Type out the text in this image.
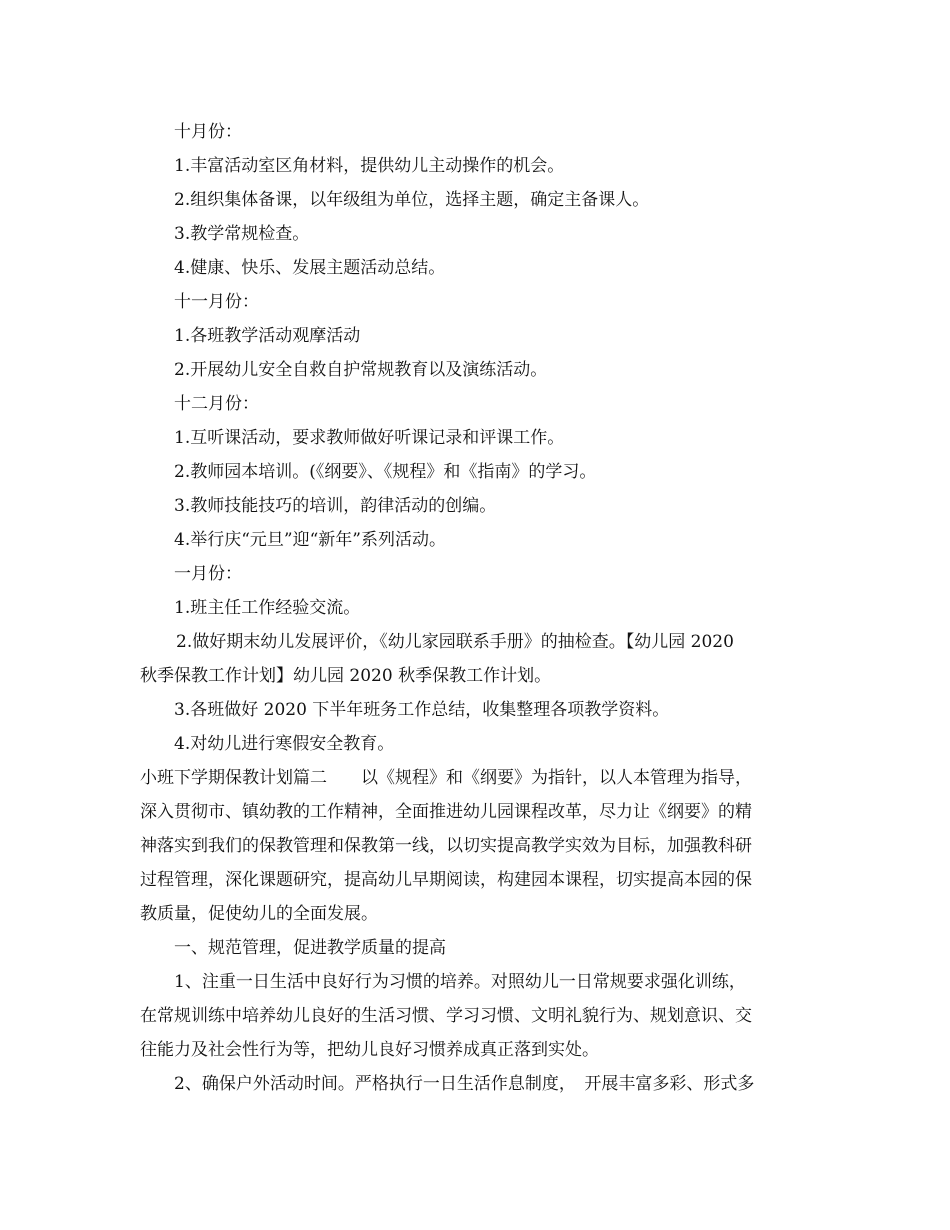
十月份：
1.丰富活动室区角材料，提供幼儿主动操作的机会。
2.组织集体备课，以年级组为单位，选择主题，确定主备课人。
3.教学常规检查。
4.健康、快乐、发展主题活动总结。
十一月份：
1.各班教学活动观摩活动
2.开展幼儿安全自救自护常规教育以及演练活动。
十二月份：
1.互听课活动，要求教师做好听课记录和评课工作。
2.教师园本培训。(《纲要》、《规程》和《指南》的学习。
3.教师技能技巧的培训，韵律活动的创编。
4.举行庆“元旦”迎“新年”系列活动。
一月份：
1.班主任工作经验交流。
2.做好期末幼儿发展评价，《幼儿家园联系手册》的抽检查。【幼儿园 2020
秋季保教工作计划】幼儿园 2020 秋季保教工作计划。
3.各班做好 2020 下半年班务工作总结，收集整理各项教学资料。
4.对幼儿进行寒假安全教育。
小班下学期保教计划篇二　　以《规程》和《纲要》为指针，以人本管理为指导，
深入贯彻市、镇幼教的工作精神，全面推进幼儿园课程改革，尽力让《纲要》的精
神落实到我们的保教管理和保教第一线，以切实提高教学实效为目标，加强教科研
过程管理，深化课题研究，提高幼儿早期阅读，构建园本课程，切实提高本园的保
教质量，促使幼儿的全面发展。
一、规范管理，促进教学质量的提高
1、注重一日生活中良好行为习惯的培养。对照幼儿一日常规要求强化训练，
在常规训练中培养幼儿良好的生活习惯、学习习惯、文明礼貌行为、规划意识、交
往能力及社会性行为等，把幼儿良好习惯养成真正落到实处。
2、确保户外活动时间。严格执行一日生活作息制度，　开展丰富多彩、形式多
